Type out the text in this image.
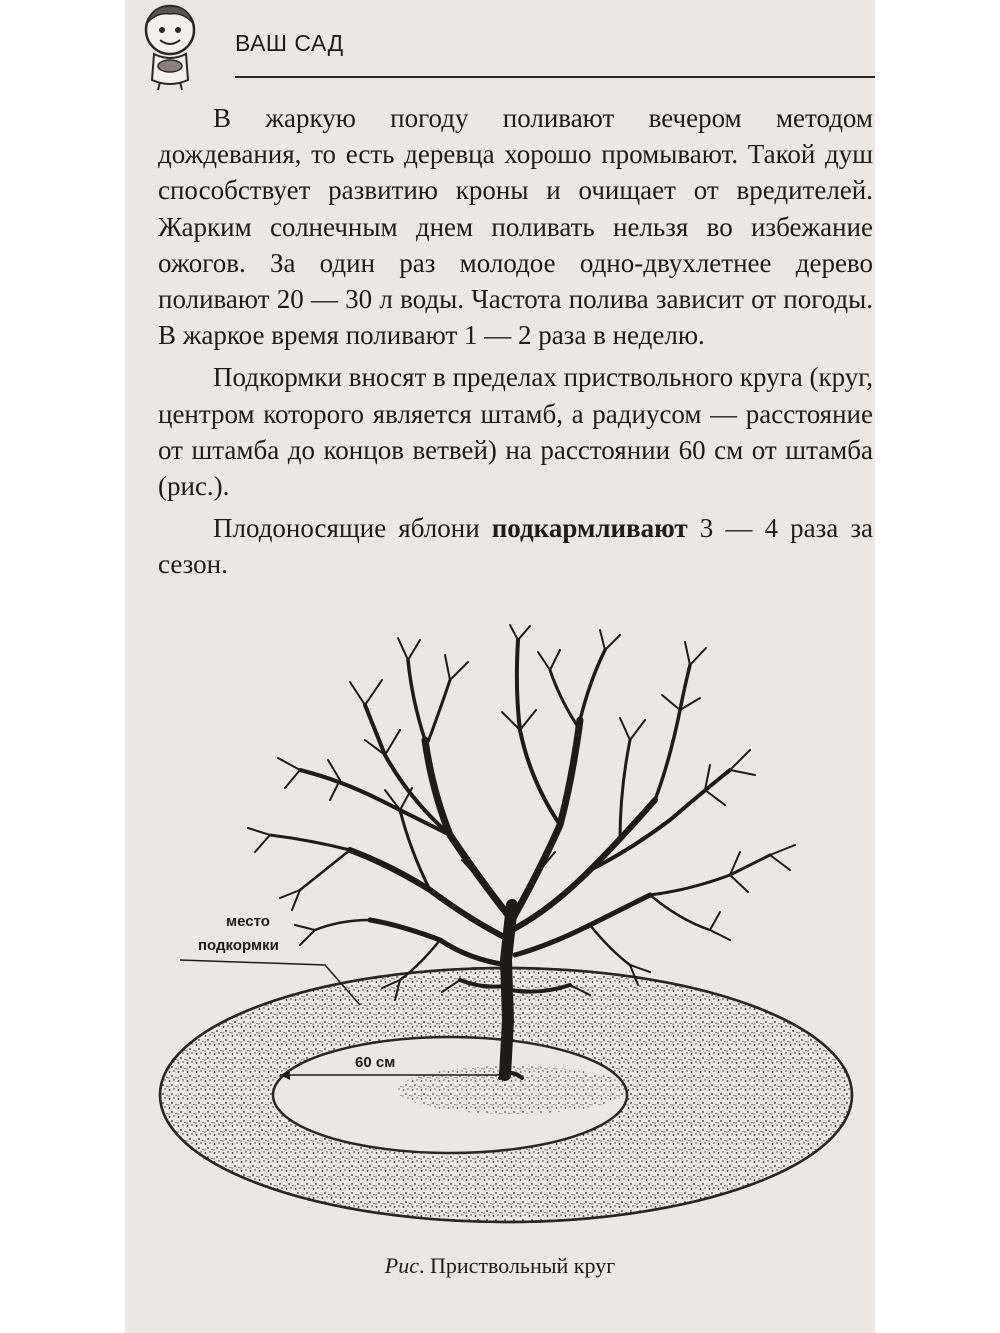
ВАШ САД

В жаркую погоду поливают вечером методом дождевания, то есть деревца хорошо промывают. Такой душ способствует развитию кроны и очищает от вредителей. Жарким солнечным днем поливать нельзя во избежание ожогов. За один раз молодое одно-двухлетнее дерево поливают 20 — 30 л воды. Частота полива зависит от погоды. В жаркое время поливают 1 — 2 раза в неделю.

Подкормки вносят в пределах приствольного круга (круг, центром которого является штамб, а радиусом — расстояние от штамба до концов ветвей) на расстоянии 60 см от штамба (рис.).

Плодоносящие яблони подкармливают 3 — 4 раза за сезон.

место
подкормки
60 см
Рис. Приствольный круг
